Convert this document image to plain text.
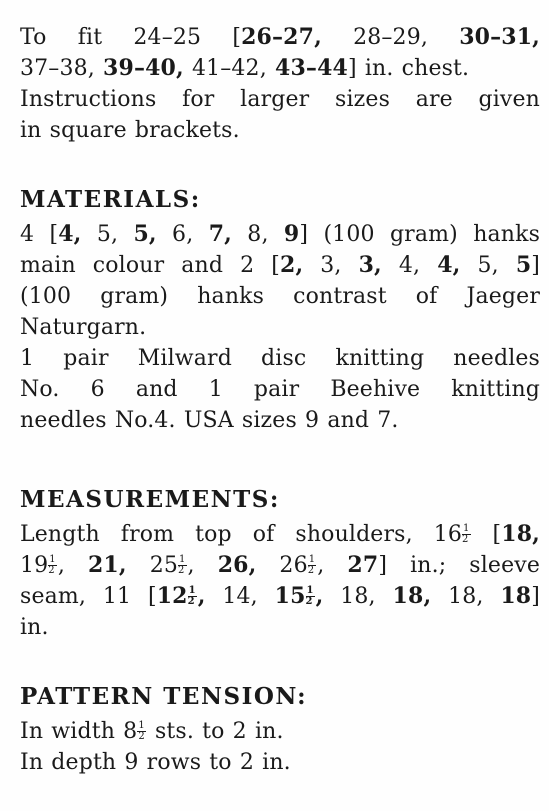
To fit 24–25 [26–27, 28–29, 30–31,
37–38, 39–40, 41–42, 43–44] in. chest.
Instructions for larger sizes are given
in square brackets.
MATERIALS:
4 [4, 5, 5, 6, 7, 8, 9] (100 gram) hanks
main colour and 2 [2, 3, 3, 4, 4, 5, 5]
(100 gram) hanks contrast of Jaeger
Naturgarn.
1 pair Milward disc knitting needles
No. 6 and 1 pair Beehive knitting
needles No.4. USA sizes 9 and 7.
MEASUREMENTS:
Length from top of shoulders, $16 \frac{1}{2} [18$,
$19 \frac{1}{2}$ , 21, $25 \frac{1}{2}$ , 26, $26 \frac{1}{2}$ , 27] in.; sleeve
seam, 11 [$12 \frac{1}{2}$ , 14, $15 \frac{1}{2}$ , 18, 18, 18, 18]
in.
PATTERN TENSION:
In width $8 \frac{1}{2}$ sts. to 2 in.
In depth 9 rows to 2 in.
